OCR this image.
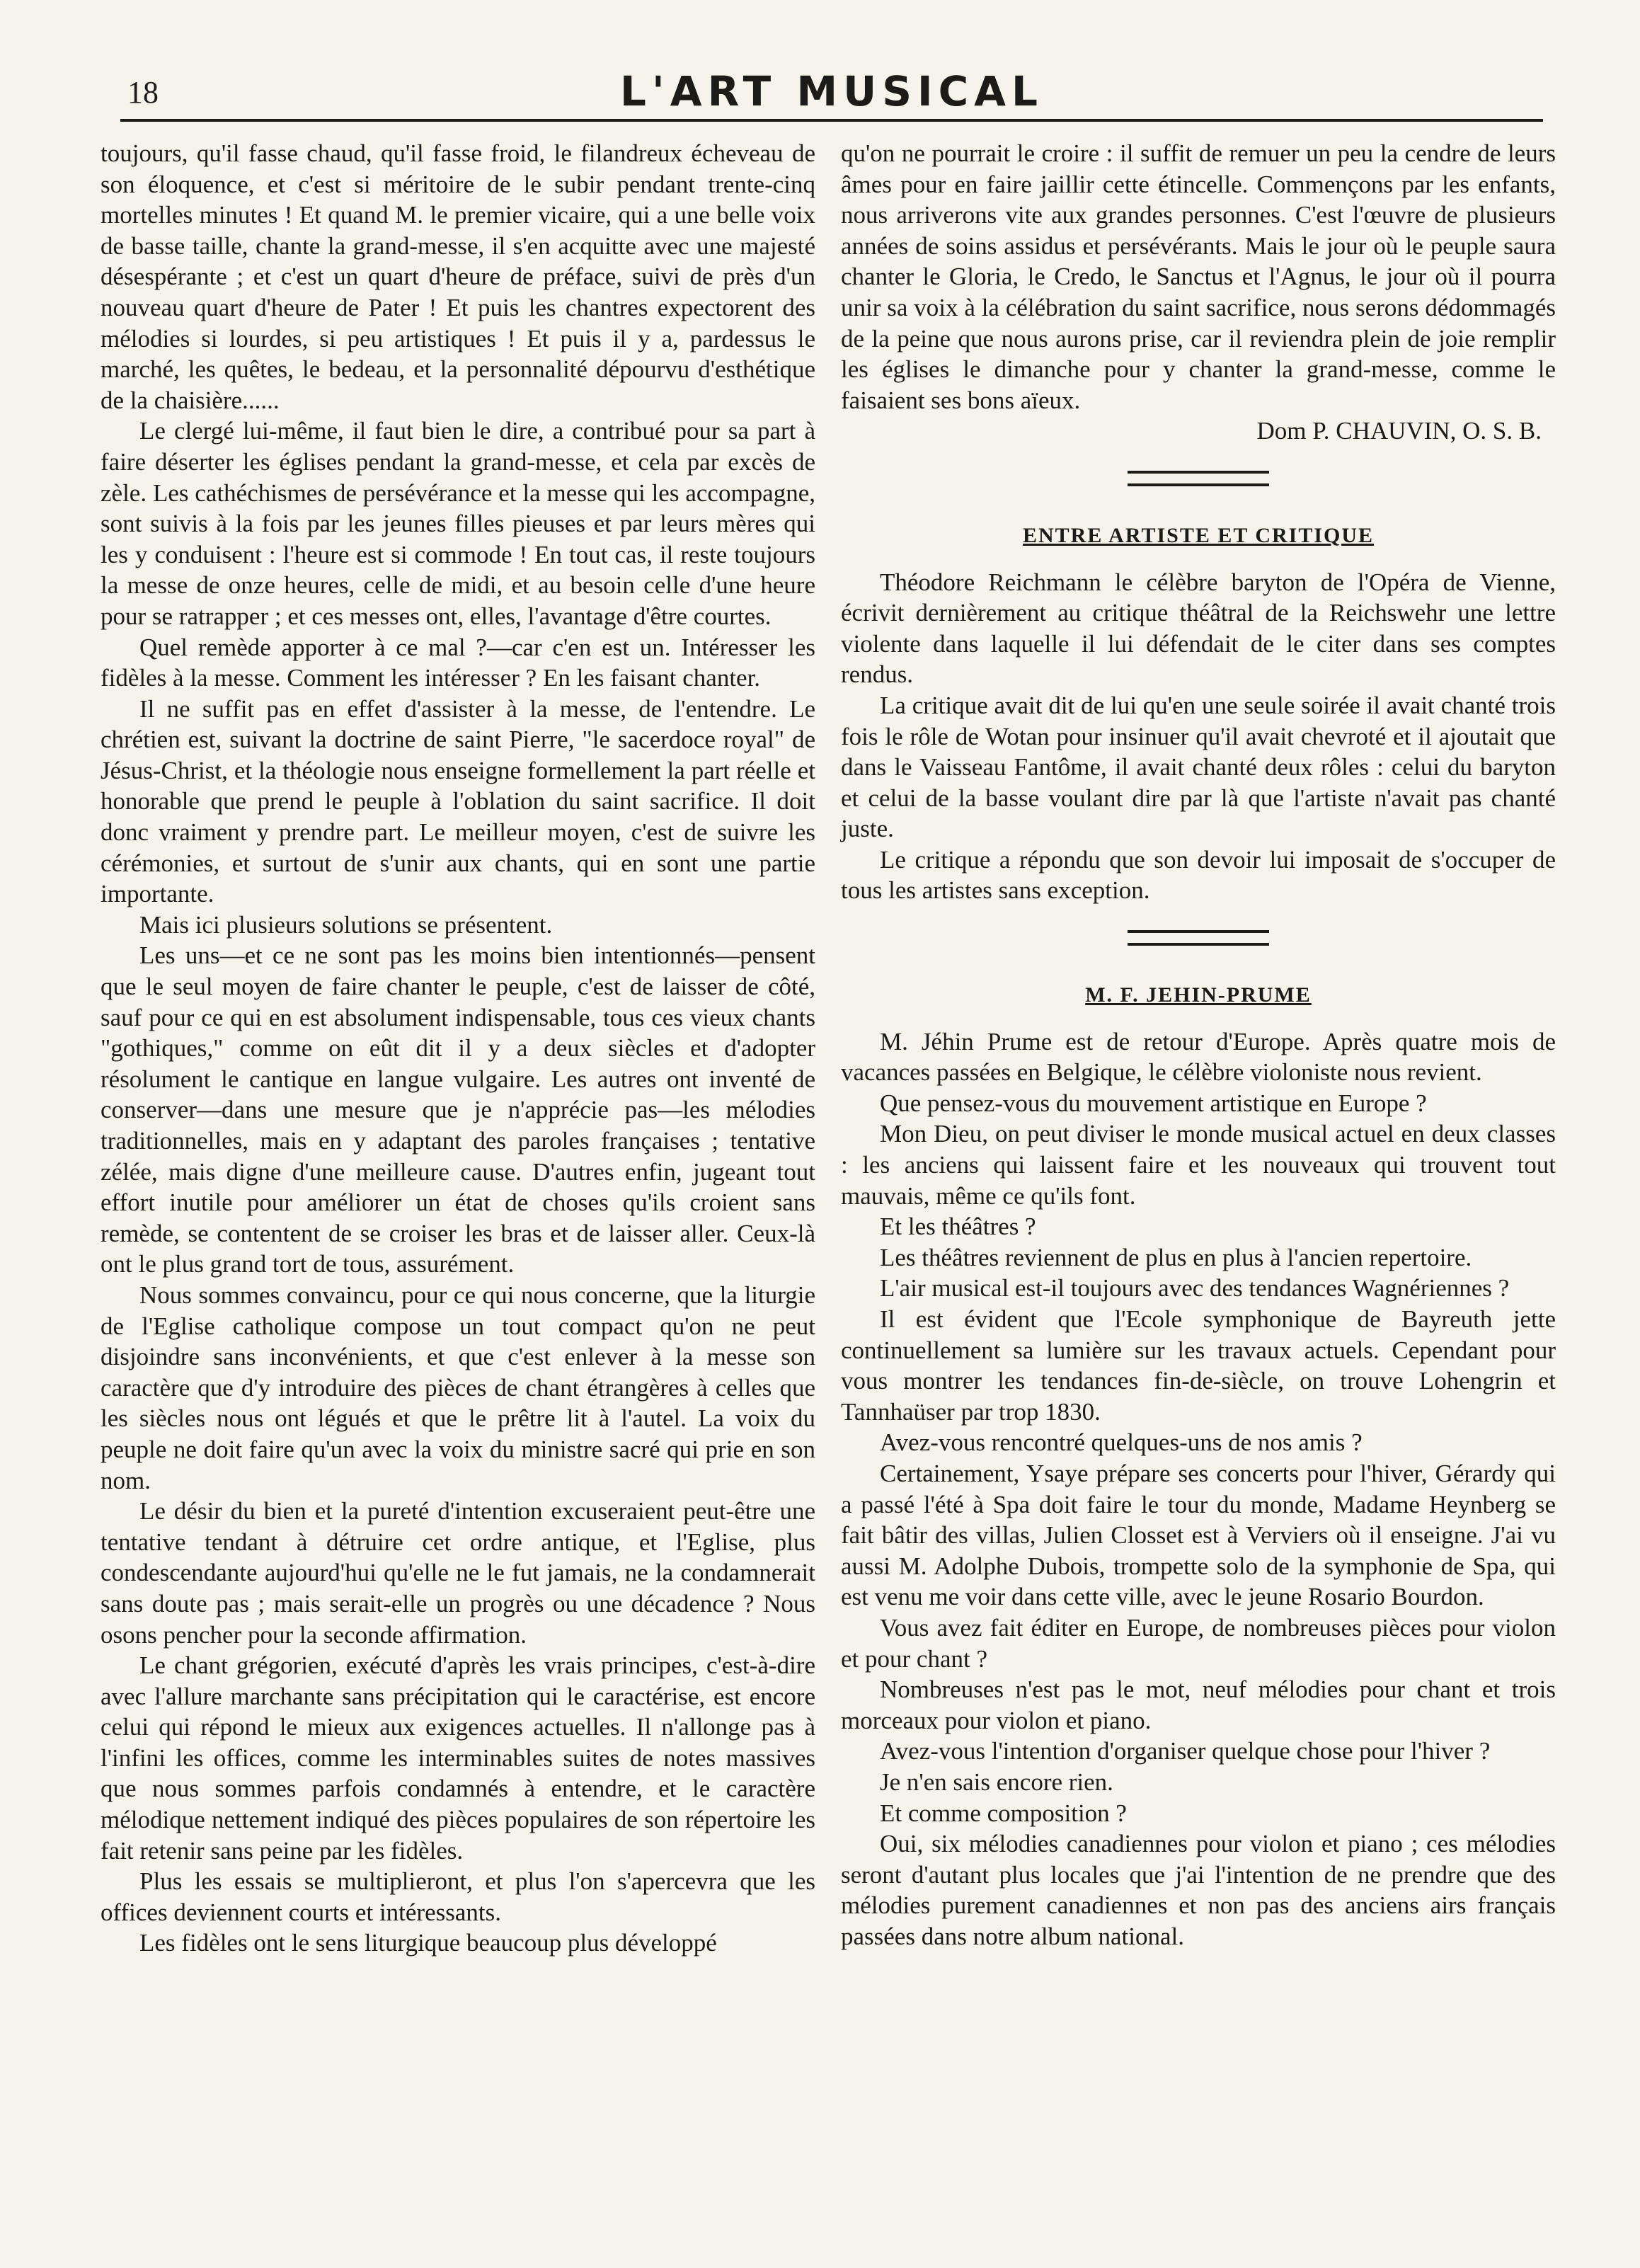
18	L'ART MUSICAL

toujours, qu'il fasse chaud, qu'il fasse froid, le filandreux écheveau de son éloquence, et c'est si méritoire de le subir pendant trente-cinq mortelles minutes ! Et quand M. le premier vicaire, qui a une belle voix de basse taille, chante la grand-messe, il s'en acquitte avec une majesté désespérante ; et c'est un quart d'heure de préface, suivi de près d'un nouveau quart d'heure de Pater ! Et puis les chantres expectorent des mélodies si lourdes, si peu artistiques ! Et puis il y a, pardessus le marché, les quêtes, le bedeau, et la personnalité dépourvu d'esthétique de la chaisière......

Le clergé lui-même, il faut bien le dire, a contribué pour sa part à faire déserter les églises pendant la grand-messe, et cela par excès de zèle. Les cathéchismes de persévérance et la messe qui les accompagne, sont suivis à la fois par les jeunes filles pieuses et par leurs mères qui les y conduisent : l'heure est si commode ! En tout cas, il reste toujours la messe de onze heures, celle de midi, et au besoin celle d'une heure pour se ratrapper ; et ces messes ont, elles, l'avantage d'être courtes.

Quel remède apporter à ce mal ?—car c'en est un. Intéresser les fidèles à la messe. Comment les intéresser ? En les faisant chanter.

Il ne suffit pas en effet d'assister à la messe, de l'entendre. Le chrétien est, suivant la doctrine de saint Pierre, "le sacerdoce royal" de Jésus-Christ, et la théologie nous enseigne formellement la part réelle et honorable que prend le peuple à l'oblation du saint sacrifice. Il doit donc vraiment y prendre part. Le meilleur moyen, c'est de suivre les cérémonies, et surtout de s'unir aux chants, qui en sont une partie importante.

Mais ici plusieurs solutions se présentent.

Les uns—et ce ne sont pas les moins bien intentionnés—pensent que le seul moyen de faire chanter le peuple, c'est de laisser de côté, sauf pour ce qui en est absolument indispensable, tous ces vieux chants "gothiques," comme on eût dit il y a deux siècles et d'adopter résolument le cantique en langue vulgaire. Les autres ont inventé de conserver—dans une mesure que je n'apprécie pas—les mélodies traditionnelles, mais en y adaptant des paroles françaises ; tentative zélée, mais digne d'une meilleure cause. D'autres enfin, jugeant tout effort inutile pour améliorer un état de choses qu'ils croient sans remède, se contentent de se croiser les bras et de laisser aller. Ceux-là ont le plus grand tort de tous, assurément.

Nous sommes convaincu, pour ce qui nous concerne, que la liturgie de l'Eglise catholique compose un tout compact qu'on ne peut disjoindre sans inconvénients, et que c'est enlever à la messe son caractère que d'y introduire des pièces de chant étrangères à celles que les siècles nous ont légués et que le prêtre lit à l'autel. La voix du peuple ne doit faire qu'un avec la voix du ministre sacré qui prie en son nom.

Le désir du bien et la pureté d'intention excuseraient peut-être une tentative tendant à détruire cet ordre antique, et l'Eglise, plus condescendante aujourd'hui qu'elle ne le fut jamais, ne la condamnerait sans doute pas ; mais serait-elle un progrès ou une décadence ? Nous osons pencher pour la seconde affirmation.

Le chant grégorien, exécuté d'après les vrais principes, c'est-à-dire avec l'allure marchante sans précipitation qui le caractérise, est encore celui qui répond le mieux aux exigences actuelles. Il n'allonge pas à l'infini les offices, comme les interminables suites de notes massives que nous sommes parfois condamnés à entendre, et le caractère mélodique nettement indiqué des pièces populaires de son répertoire les fait retenir sans peine par les fidèles.

Plus les essais se multiplieront, et plus l'on s'apercevra que les offices deviennent courts et intéressants.

Les fidèles ont le sens liturgique beaucoup plus développé

qu'on ne pourrait le croire : il suffit de remuer un peu la cendre de leurs âmes pour en faire jaillir cette étincelle. Commençons par les enfants, nous arriverons vite aux grandes personnes. C'est l'œuvre de plusieurs années de soins assidus et persévérants. Mais le jour où le peuple saura chanter le Gloria, le Credo, le Sanctus et l'Agnus, le jour où il pourra unir sa voix à la célébration du saint sacrifice, nous serons dédommagés de la peine que nous aurons prise, car il reviendra plein de joie remplir les églises le dimanche pour y chanter la grand-messe, comme le faisaient ses bons aïeux.

Dom P. CHAUVIN, O. S. B.

ENTRE ARTISTE ET CRITIQUE

Théodore Reichmann le célèbre baryton de l'Opéra de Vienne, écrivit dernièrement au critique théâtral de la Reichswehr une lettre violente dans laquelle il lui défendait de le citer dans ses comptes rendus.

La critique avait dit de lui qu'en une seule soirée il avait chanté trois fois le rôle de Wotan pour insinuer qu'il avait chevroté et il ajoutait que dans le Vaisseau Fantôme, il avait chanté deux rôles : celui du baryton et celui de la basse voulant dire par là que l'artiste n'avait pas chanté juste.

Le critique a répondu que son devoir lui imposait de s'occuper de tous les artistes sans exception.

M. F. JEHIN-PRUME

M. Jéhin Prume est de retour d'Europe. Après quatre mois de vacances passées en Belgique, le célèbre violoniste nous revient.

Que pensez-vous du mouvement artistique en Europe ?

Mon Dieu, on peut diviser le monde musical actuel en deux classes : les anciens qui laissent faire et les nouveaux qui trouvent tout mauvais, même ce qu'ils font.

Et les théâtres ?

Les théâtres reviennent de plus en plus à l'ancien repertoire.

L'air musical est-il toujours avec des tendances Wagnériennes ?

Il est évident que l'Ecole symphonique de Bayreuth jette continuellement sa lumière sur les travaux actuels. Cependant pour vous montrer les tendances fin-de-siècle, on trouve Lohengrin et Tannhaüser par trop 1830.

Avez-vous rencontré quelques-uns de nos amis ?

Certainement, Ysaye prépare ses concerts pour l'hiver, Gérardy qui a passé l'été à Spa doit faire le tour du monde, Madame Heynberg se fait bâtir des villas, Julien Closset est à Verviers où il enseigne. J'ai vu aussi M. Adolphe Dubois, trompette solo de la symphonie de Spa, qui est venu me voir dans cette ville, avec le jeune Rosario Bourdon.

Vous avez fait éditer en Europe, de nombreuses pièces pour violon et pour chant ?

Nombreuses n'est pas le mot, neuf mélodies pour chant et trois morceaux pour violon et piano.

Avez-vous l'intention d'organiser quelque chose pour l'hiver ?

Je n'en sais encore rien.

Et comme composition ?

Oui, six mélodies canadiennes pour violon et piano ; ces mélodies seront d'autant plus locales que j'ai l'intention de ne prendre que des mélodies purement canadiennes et non pas des anciens airs français passées dans notre album national.
